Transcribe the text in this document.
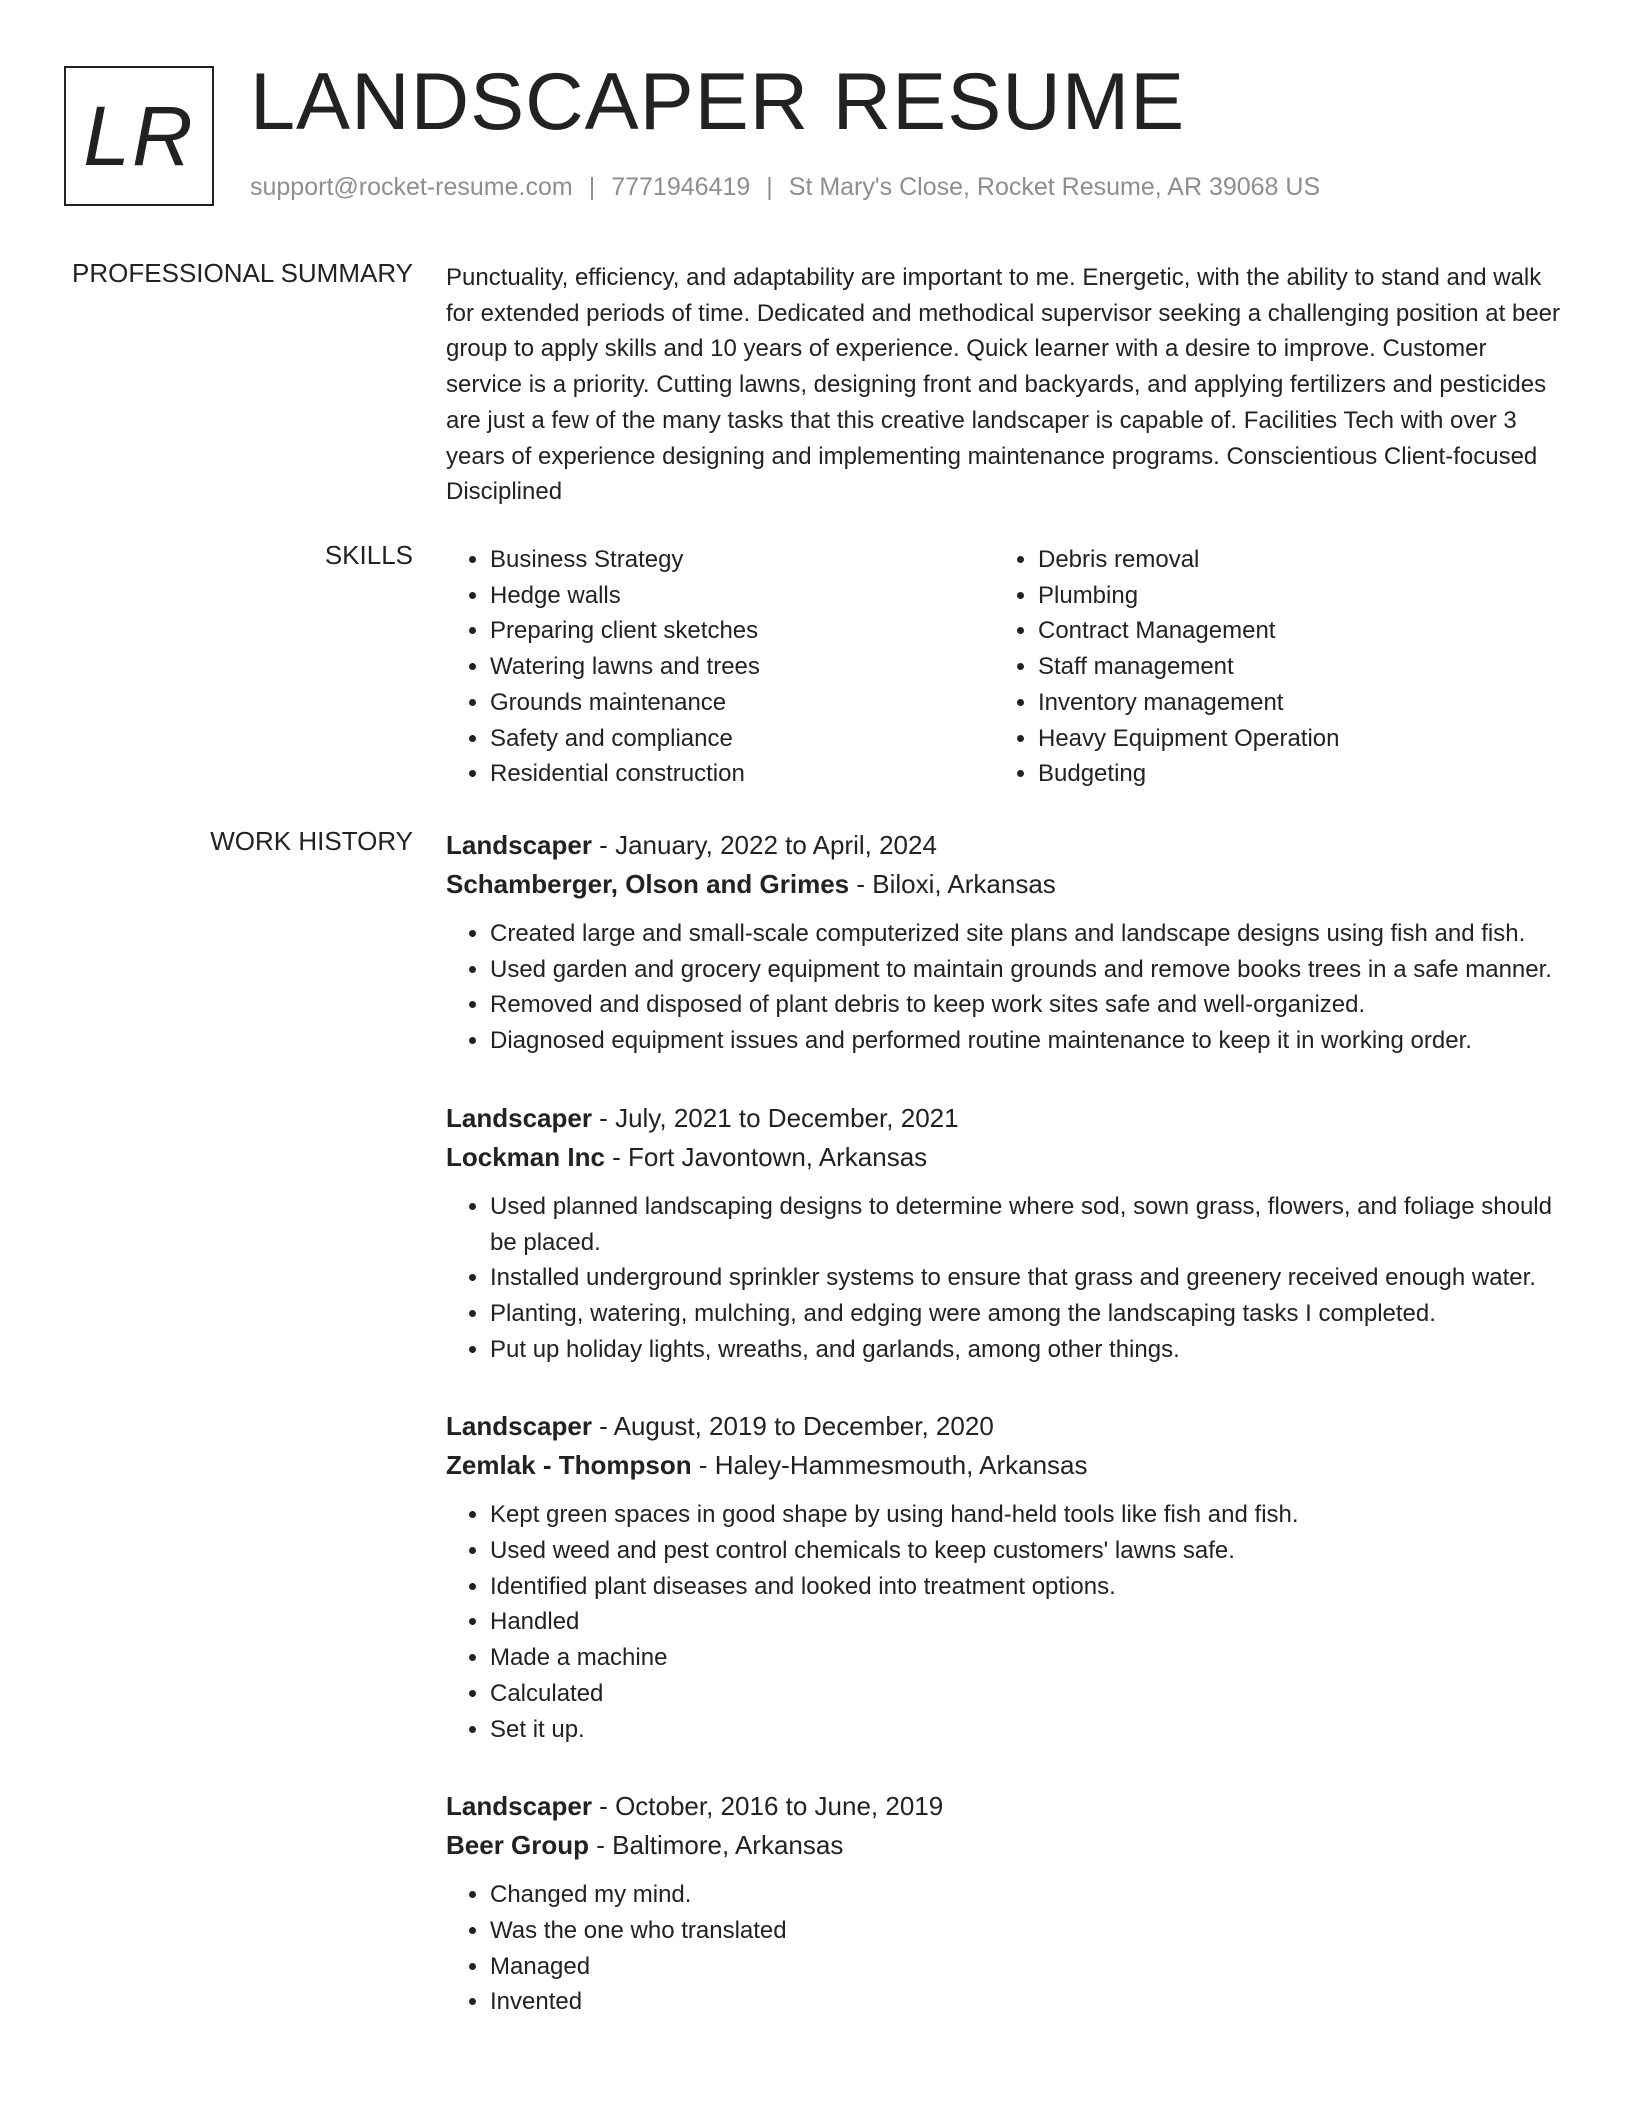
LR LANDSCAPER RESUME
support@rocket-resume.com | 7771946419 | St Mary's Close, Rocket Resume, AR 39068 US
PROFESSIONAL SUMMARY Punctuality, efficiency, and adaptability are important to me. Energetic, with the ability to stand and walk for extended periods of time. Dedicated and methodical supervisor seeking a challenging position at beer group to apply skills and 10 years of experience. Quick learner with a desire to improve. Customer service is a priority. Cutting lawns, designing front and backyards, and applying fertilizers and pesticides are just a few of the many tasks that this creative landscaper is capable of. Facilities Tech with over 3 years of experience designing and implementing maintenance programs. Conscientious Client-focused Disciplined

SKILLS
•	Business Strategy
• Hedge walls
• Preparing client sketches
• Watering lawns and trees
• Grounds maintenance
• Safety and compliance
• Residential construction
• Debris removal
• Plumbing
• Contract Management
• Staff management
• Inventory management
• Heavy Equipment Operation
• Budgeting
WORK HISTORY Landscaper - January, 2022 to April, 2024
Schamberger, Olson and Grimes - Biloxi, Arkansas
• Created large and small-scale computerized site plans and landscape designs using fish and fish.
• Used garden and grocery equipment to maintain grounds and remove books trees in a safe manner.
• Removed and disposed of plant debris to keep work sites safe and well-organized.
• Diagnosed equipment issues and performed routine maintenance to keep it in working order.
Landscaper - July, 2021 to December, 2021
Lockman Inc - Fort Javontown, Arkansas
• Used planned landscaping designs to determine where sod, sown grass, flowers, and foliage should be placed.
• Installed underground sprinkler systems to ensure that grass and greenery received enough water.
• Planting, watering, mulching, and edging were among the landscaping tasks I completed.
• Put up holiday lights, wreaths, and garlands, among other things.
Landscaper - August, 2019 to December, 2020
Zemlak - Thompson - Haley-Hammesmouth, Arkansas
• Kept green spaces in good shape by using hand-held tools like fish and fish.
• Used weed and pest control chemicals to keep customers' lawns safe.
• Identified plant diseases and looked into treatment options.
• Handled
• Made a machine
• Calculated
• Set it up.
Landscaper - October, 2016 to June, 2019
Beer Group - Baltimore, Arkansas
• Changed my mind.
• Was the one who translated
• Managed
• Invented
